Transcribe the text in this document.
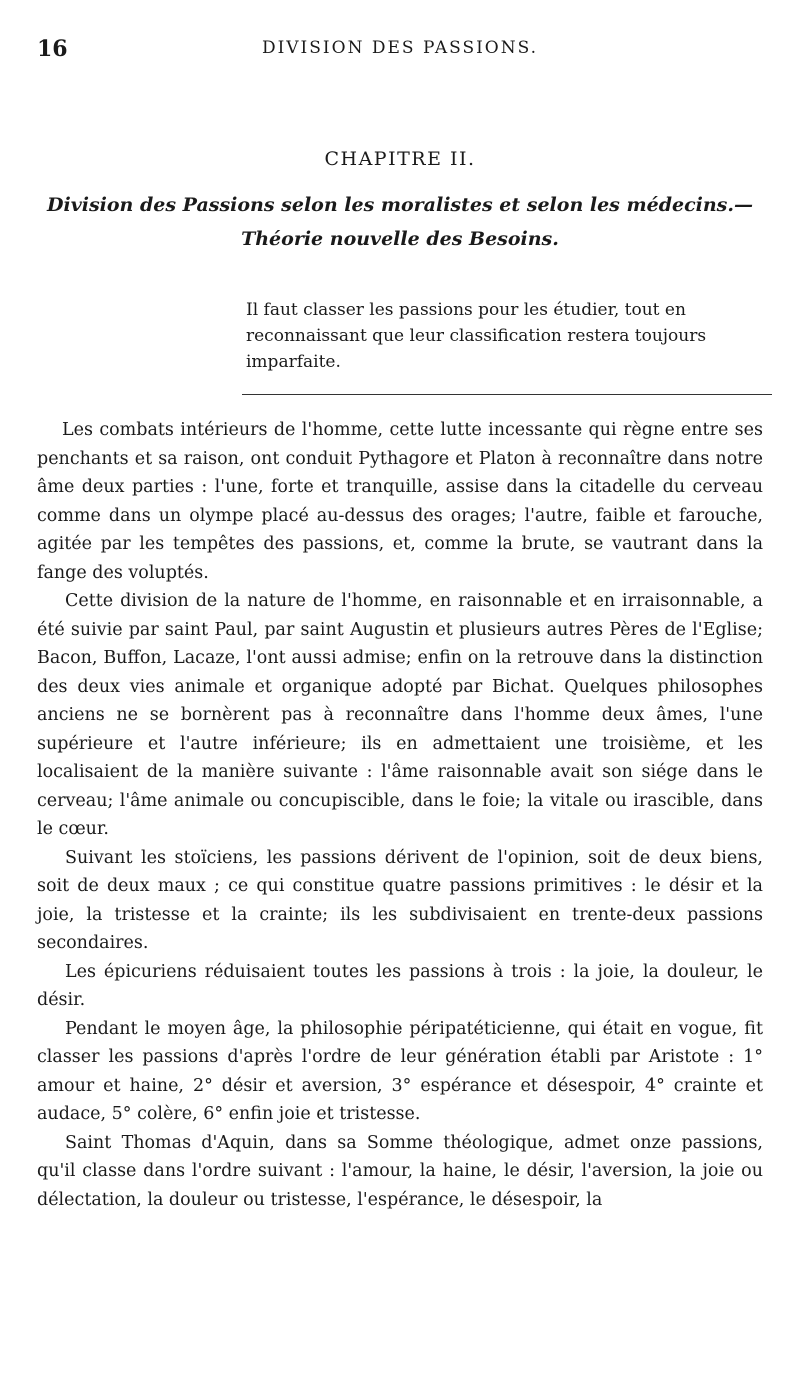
16	DIVISION DES PASSIONS.
CHAPITRE II.
Division des Passions selon les moralistes et selon les médecins.—
Théorie nouvelle des Besoins.
Il faut classer les passions pour les étudier, tout en reconnaissant que leur classification restera toujours imparfaite.

Les combats intérieurs de l'homme, cette lutte incessante qui règne entre ses penchants et sa raison, ont conduit Pythagore et Platon à reconnaître dans notre âme deux parties : l'une, forte et tranquille, assise dans la citadelle du cerveau comme dans un olympe placé au-dessus des orages; l'autre, faible et farouche, agitée par les tempêtes des passions, et, comme la brute, se vautrant dans la fange des voluptés.

Cette division de la nature de l'homme, en raisonnable et en irraisonnable, a été suivie par saint Paul, par saint Augustin et plusieurs autres Pères de l'Eglise; Bacon, Buffon, Lacaze, l'ont aussi admise; enfin on la retrouve dans la distinction des deux vies animale et organique adopté par Bichat. Quelques philosophes anciens ne se bornèrent pas à reconnaître dans l'homme deux âmes, l'une supérieure et l'autre inférieure; ils en admettaient une troisième, et les localisaient de la manière suivante : l'âme raisonnable avait son siége dans le cerveau; l'âme animale ou concupiscible, dans le foie; la vitale ou irascible, dans le cœur.

Suivant les stoïciens, les passions dérivent de l'opinion, soit de deux biens, soit de deux maux ; ce qui constitue quatre passions primitives : le désir et la joie, la tristesse et la crainte; ils les subdivisaient en trente-deux passions secondaires.

Les épicuriens réduisaient toutes les passions à trois : la joie, la douleur, le désir.

Pendant le moyen âge, la philosophie péripatéticienne, qui était en vogue, fit classer les passions d'après l'ordre de leur génération établi par Aristote : 1° amour et haine, 2° désir et aversion, 3° espérance et désespoir, 4° crainte et audace, 5° colère, 6° enfin joie et tristesse.

Saint Thomas d'Aquin, dans sa Somme théologique, admet onze passions, qu'il classe dans l'ordre suivant : l'amour, la haine, le désir, l'aversion, la joie ou délectation, la douleur ou tristesse, l'espérance, le désespoir, la
